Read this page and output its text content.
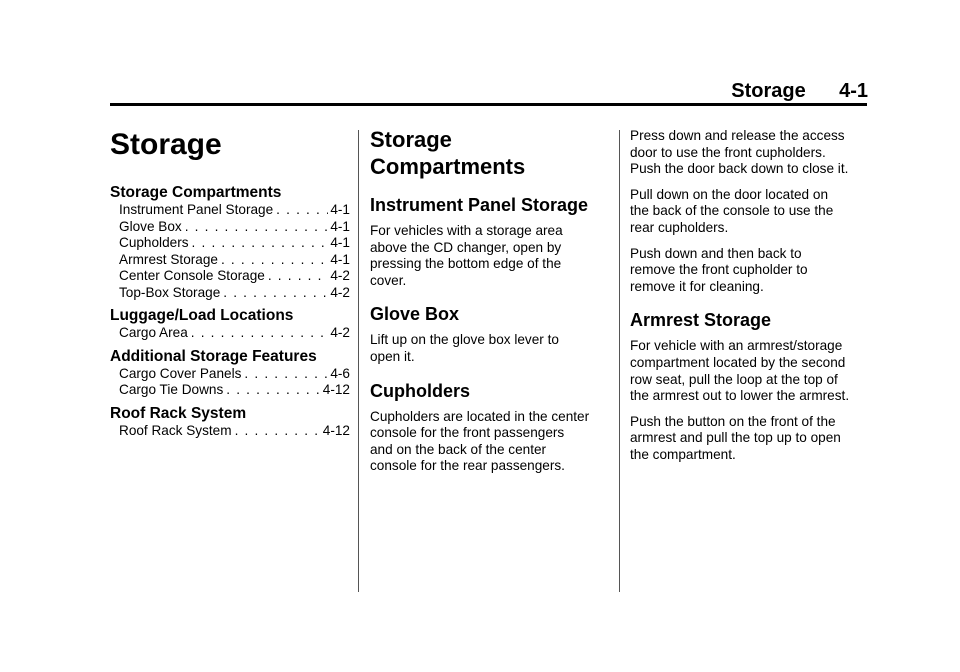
Storage 4-1
Storage
Storage Compartments
Instrument Panel Storage . . .	4-1
Glove Box . . .	4-1
Cupholders . . .	4-1
Armrest Storage . . .	4-1
Center Console Storage . . .	4-2
Top-Box Storage . . .	4-2
Luggage/Load Locations
Cargo Area . . .	4-2
Additional Storage Features
Cargo Cover Panels . . .	4-6
Cargo Tie Downs . . .	4-12
Roof Rack System
Roof Rack System . . .	4-12
Storage
Compartments
Instrument Panel Storage

For vehicles with a storage area
above the CD changer, open by
pressing the bottom edge of the
cover.

Glove Box

Lift up on the glove box lever to
open it.

Cupholders

Cupholders are located in the center
console for the front passengers
and on the back of the center
console for the rear passengers.

Press down and release the access
door to use the front cupholders.
Push the door back down to close it.

Pull down on the door located on
the back of the console to use the
rear cupholders.

Push down and then back to
remove the front cupholder to
remove it for cleaning.

Armrest Storage

For vehicle with an armrest/storage
compartment located by the second
row seat, pull the loop at the top of
the armrest out to lower the armrest.

Push the button on the front of the
armrest and pull the top up to open
the compartment.
